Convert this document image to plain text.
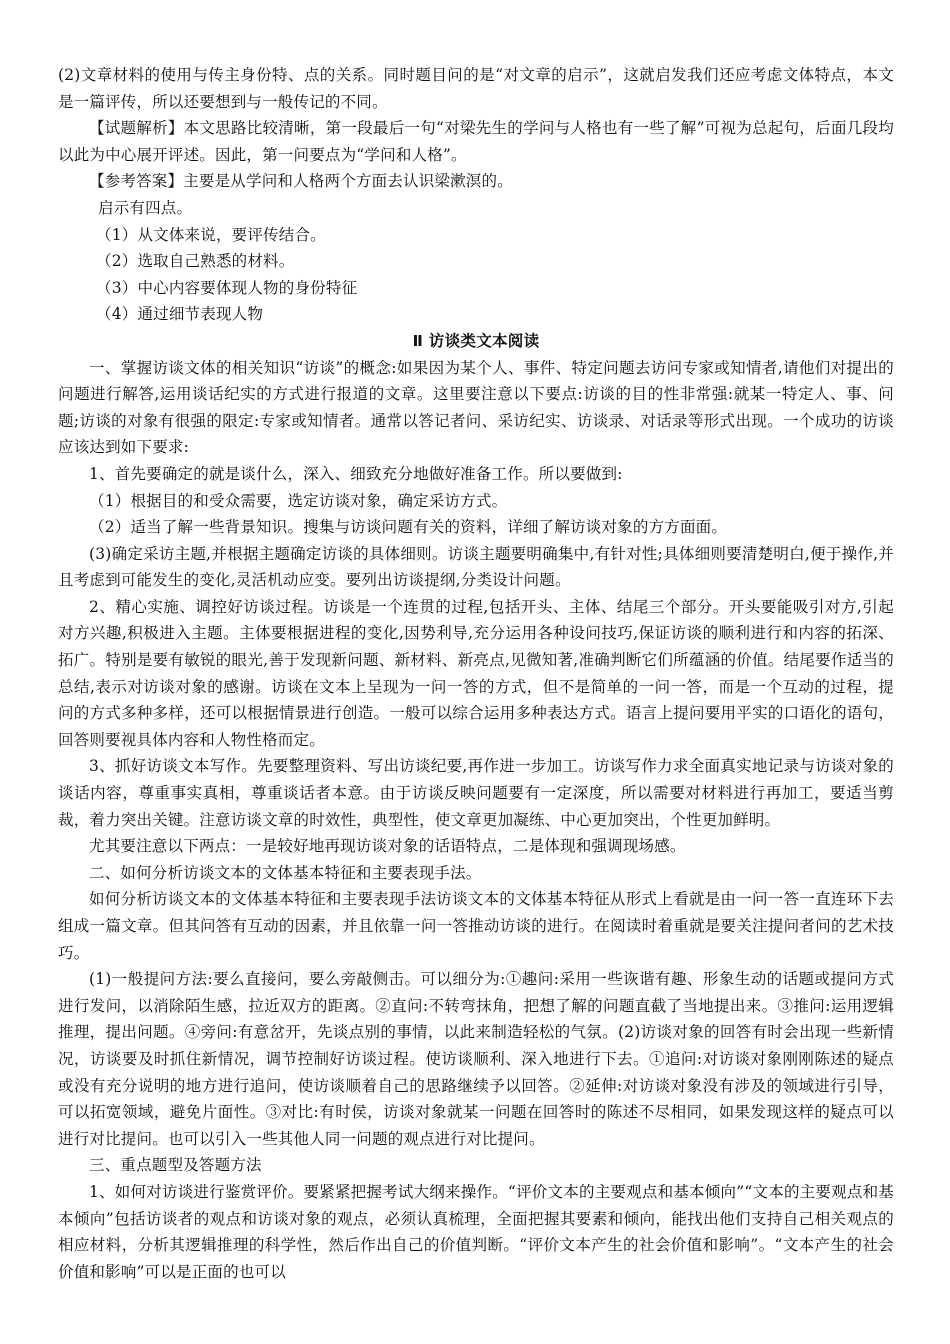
(2)文章材料的使用与传主身份特、点的关系。同时题目问的是“对文章的启示”，这就启发我们还应考虑文体特点，本文是一篇评传，所以还要想到与一般传记的不同。

【试题解析】本文思路比较清晰，第一段最后一句“对梁先生的学问与人格也有一些了解”可视为总起句，后面几段均以此为中心展开评述。因此，第一问要点为“学问和人格”。

【参考答案】主要是从学问和人格两个方面去认识梁漱溟的。

启示有四点。

（1）从文体来说，要评传结合。

（2）选取自己熟悉的材料。

（3）中心内容要体现人物的身份特征

（4）通过细节表现人物

Ⅱ 访谈类文本阅读

一、掌握访谈文体的相关知识“访谈”的概念:如果因为某个人、事件、特定问题去访问专家或知情者,请他们对提出的问题进行解答,运用谈话纪实的方式进行报道的文章。这里要注意以下要点:访谈的目的性非常强:就某一特定人、事、问题;访谈的对象有很强的限定:专家或知情者。通常以答记者问、采访纪实、访谈录、对话录等形式出现。一个成功的访谈应该达到如下要求:

1、首先要确定的就是谈什么，深入、细致充分地做好准备工作。所以要做到:

（1）根据目的和受众需要，选定访谈对象，确定采访方式。

（2）适当了解一些背景知识。搜集与访谈问题有关的资料，详细了解访谈对象的方方面面。

(3)确定采访主题,并根据主题确定访谈的具体细则。访谈主题要明确集中,有针对性;具体细则要清楚明白,便于操作,并且考虑到可能发生的变化,灵活机动应变。要列出访谈提纲,分类设计问题。

2、精心实施、调控好访谈过程。访谈是一个连贯的过程,包括开头、主体、结尾三个部分。开头要能吸引对方,引起对方兴趣,积极进入主题。主体要根据进程的变化,因势利导,充分运用各种设问技巧,保证访谈的顺利进行和内容的拓深、拓广。特别是要有敏锐的眼光,善于发现新问题、新材料、新亮点,见微知著,准确判断它们所蕴涵的价值。结尾要作适当的总结,表示对访谈对象的感谢。访谈在文本上呈现为一问一答的方式，但不是简单的一问一答，而是一个互动的过程，提问的方式多种多样，还可以根据情景进行创造。一般可以综合运用多种表达方式。语言上提问要用平实的口语化的语句，回答则要视具体内容和人物性格而定。

3、抓好访谈文本写作。先要整理资料、写出访谈纪要,再作进一步加工。访谈写作力求全面真实地记录与访谈对象的谈话内容，尊重事实真相，尊重谈话者本意。由于访谈反映问题要有一定深度，所以需要对材料进行再加工，要适当剪裁，着力突出关键。注意访谈文章的时效性，典型性，使文章更加凝练、中心更加突出，个性更加鲜明。

尤其要注意以下两点：一是较好地再现访谈对象的话语特点，二是体现和强调现场感。

二、如何分析访谈文本的文体基本特征和主要表现手法。

如何分析访谈文本的文体基本特征和主要表现手法访谈文本的文体基本特征从形式上看就是由一问一答一直连环下去组成一篇文章。但其问答有互动的因素，并且依靠一问一答推动访谈的进行。在阅读时着重就是要关注提问者问的艺术技巧。

(1)一般提问方法:要么直接问，要么旁敲侧击。可以细分为:①趣问:采用一些诙谐有趣、形象生动的话题或提问方式进行发问，以消除陌生感，拉近双方的距离。②直问:不转弯抹角，把想了解的问题直截了当地提出来。③推问:运用逻辑推理，提出问题。④旁问:有意岔开，先谈点别的事情，以此来制造轻松的气氛。(2)访谈对象的回答有时会出现一些新情况，访谈要及时抓住新情况，调节控制好访谈过程。使访谈顺利、深入地进行下去。①追问:对访谈对象刚刚陈述的疑点或没有充分说明的地方进行追问，使访谈顺着自己的思路继续予以回答。②延伸:对访谈对象没有涉及的领域进行引导，可以拓宽领域，避免片面性。③对比:有时侯，访谈对象就某一问题在回答时的陈述不尽相同，如果发现这样的疑点可以进行对比提问。也可以引入一些其他人同一问题的观点进行对比提问。

三、重点题型及答题方法

1、如何对访谈进行鉴赏评价。要紧紧把握考试大纲来操作。“评价文本的主要观点和基本倾向”“文本的主要观点和基本倾向”包括访谈者的观点和访谈对象的观点，必须认真梳理，全面把握其要素和倾向，能找出他们支持自己相关观点的相应材料，分析其逻辑推理的科学性，然后作出自己的价值判断。“评价文本产生的社会价值和影响”。“文本产生的社会价值和影响”可以是正面的也可以
